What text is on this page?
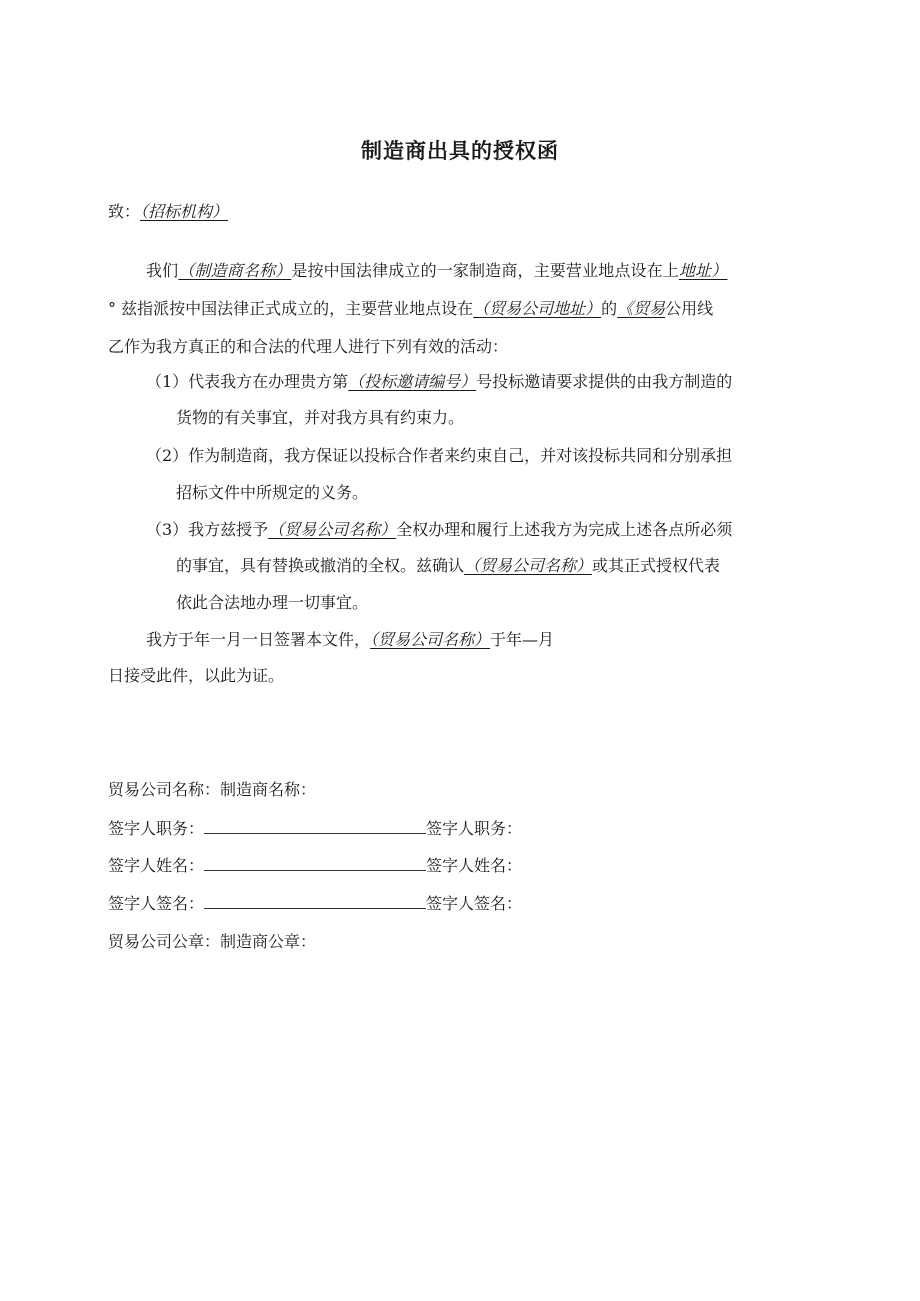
制造商出具的授权函
致：（招标机构）
我们（制造商名称）是按中国法律成立的一家制造商，主要营业地点设在上地址）
° 兹指派按中国法律正式成立的，主要营业地点设在（贸易公司地址）的《贸易公用线
乙作为我方真正的和合法的代理人进行下列有效的活动：
（1）代表我方在办理贵方第（投标邀请编号）号投标邀请要求提供的由我方制造的
货物的有关事宜，并对我方具有约束力。
（2）作为制造商，我方保证以投标合作者来约束自己，并对该投标共同和分别承担
招标文件中所规定的义务。
（3）我方兹授予（贸易公司名称）全权办理和履行上述我方为完成上述各点所必须
的事宜，具有替换或撤消的全权。兹确认（贸易公司名称）或其正式授权代表
依此合法地办理一切事宜。
我方于年一月一日签署本文件，（贸易公司名称）于年—月
日接受此件，以此为证。
贸易公司名称：制造商名称：
签字人职务：	签字人职务：
签字人姓名：	签字人姓名：
签字人签名：	签字人签名：
贸易公司公章：制造商公章：
